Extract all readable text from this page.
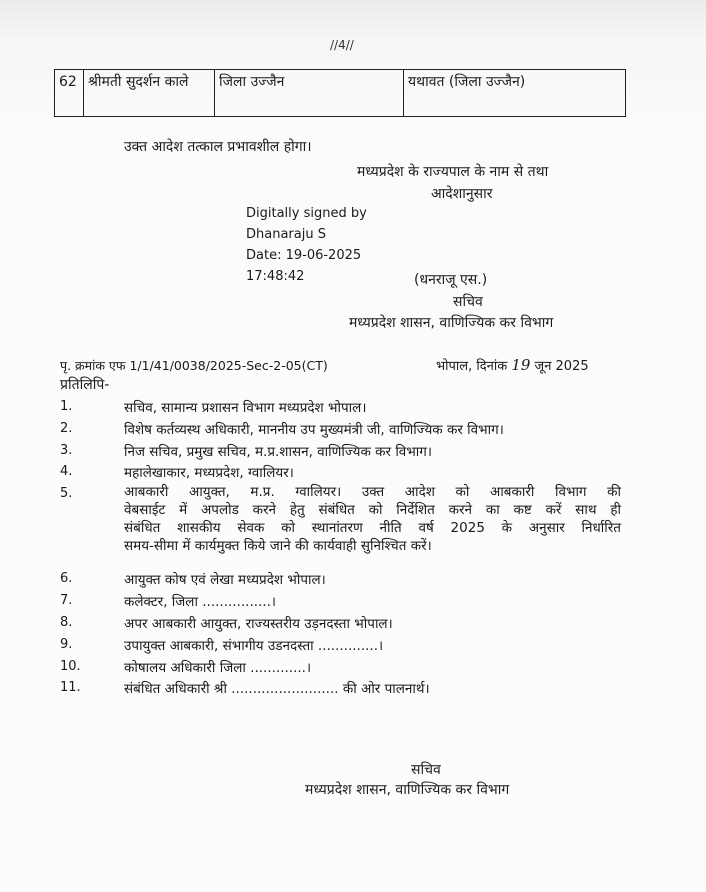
//4//
62	श्रीमती सुदर्शन काले	जिला उज्जैन	यथावत (जिला उज्जैन)
उक्त आदेश तत्काल प्रभावशील होगा।
मध्यप्रदेश के राज्यपाल के नाम से तथा
आदेशानुसार
Digitally signed by
Dhanaraju S
Date: 19-06-2025
17:48:42	(धनराजू एस.)
सचिव
मध्यप्रदेश शासन, वाणिज्यिक कर विभाग
पृ. क्रमांक एफ 1/1/41/0038/2025-Sec-2-05(CT)	भोपाल, दिनांक 19 जून 2025
प्रतिलिपि-
1.	सचिव, सामान्य प्रशासन विभाग मध्यप्रदेश भोपाल।
2.	विशेष कर्तव्यस्थ अधिकारी, माननीय उप मुख्यमंत्री जी, वाणिज्यिक कर विभाग।
3.	निज सचिव, प्रमुख सचिव, म.प्र.शासन, वाणिज्यिक कर विभाग।
4.	महालेखाकार, मध्यप्रदेश, ग्वालियर।
5.	आबकारी आयुक्त, म.प्र. ग्वालियर। उक्त आदेश को आबकारी विभाग की
वेबसाईट में अपलोड करने हेतु संबंधित को निर्देशित करने का कष्ट करें साथ ही
संबंधित शासकीय सेवक को स्थानांतरण नीति वर्ष 2025 के अनुसार निर्धारित
समय-सीमा में कार्यमुक्त किये जाने की कार्यवाही सुनिश्चित करें।
6.	आयुक्त कोष एवं लेखा मध्यप्रदेश भोपाल।
7.	कलेक्टर, जिला ................।
8.	अपर आबकारी आयुक्त, राज्यस्तरीय उड़नदस्ता भोपाल।
9.	उपायुक्त आबकारी, संभागीय उडनदस्ता ..............।
10.	कोषालय अधिकारी जिला .............।
11.	संबंधित अधिकारी श्री ......................... की ओर पालनार्थ।
सचिव
मध्यप्रदेश शासन, वाणिज्यिक कर विभाग
